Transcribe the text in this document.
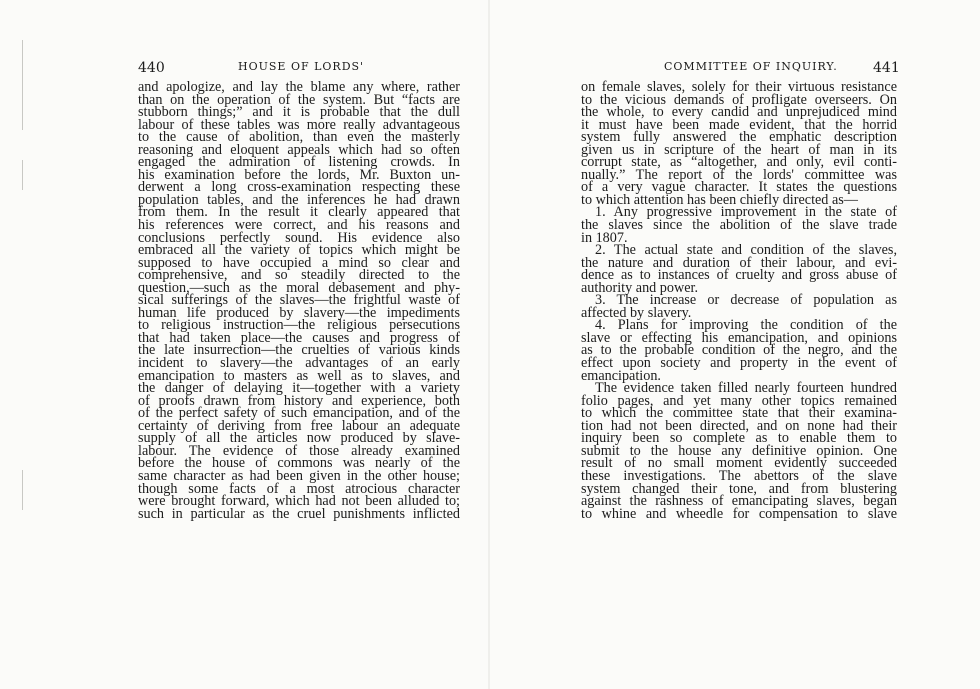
440	HOUSE OF LORDS'
and apologize, and lay the blame any where, rather
than on the operation of the system. But “facts are
stubborn things;” and it is probable that the dull
labour of these tables was more really advantageous
to the cause of abolition, than even the masterly
reasoning and eloquent appeals which had so often
engaged the admiration of listening crowds. In
his examination before the lords, Mr. Buxton un-
derwent a long cross-examination respecting these
population tables, and the inferences he had drawn
from them. In the result it clearly appeared that
his references were correct, and his reasons and
conclusions perfectly sound. His evidence also
embraced all the variety of topics which might be
supposed to have occupied a mind so clear and
comprehensive, and so steadily directed to the
question,—such as the moral debasement and phy-
sical sufferings of the slaves—the frightful waste of
human life produced by slavery—the impediments
to religious instruction—the religious persecutions
that had taken place—the causes and progress of
the late insurrection—the cruelties of various kinds
incident to slavery—the advantages of an early
emancipation to masters as well as to slaves, and
the danger of delaying it—together with a variety
of proofs drawn from history and experience, both
of the perfect safety of such emancipation, and of the
certainty of deriving from free labour an adequate
supply of all the articles now produced by slave-
labour. The evidence of those already examined
before the house of commons was nearly of the
same character as had been given in the other house;
though some facts of a most atrocious character
were brought forward, which had not been alluded to;
such in particular as the cruel punishments inflicted
COMMITTEE OF INQUIRY.	441
on female slaves, solely for their virtuous resistance
to the vicious demands of profligate overseers. On
the whole, to every candid and unprejudiced mind
it must have been made evident, that the horrid
system fully answered the emphatic description
given us in scripture of the heart of man in its
corrupt state, as “altogether, and only, evil conti-
nually.” The report of the lords' committee was
of a very vague character. It states the questions
to which attention has been chiefly directed as—
1. Any progressive improvement in the state of
the slaves since the abolition of the slave trade
in 1807.
2. The actual state and condition of the slaves,
the nature and duration of their labour, and evi-
dence as to instances of cruelty and gross abuse of
authority and power.
3. The increase or decrease of population as
affected by slavery.
4. Plans for improving the condition of the
slave or effecting his emancipation, and opinions
as to the probable condition of the negro, and the
effect upon society and property in the event of
emancipation.
The evidence taken filled nearly fourteen hundred
folio pages, and yet many other topics remained
to which the committee state that their examina-
tion had not been directed, and on none had their
inquiry been so complete as to enable them to
submit to the house any definitive opinion. One
result of no small moment evidently succeeded
these investigations. The abettors of the slave
system changed their tone, and from blustering
against the rashness of emancipating slaves, began
to whine and wheedle for compensation to slave
